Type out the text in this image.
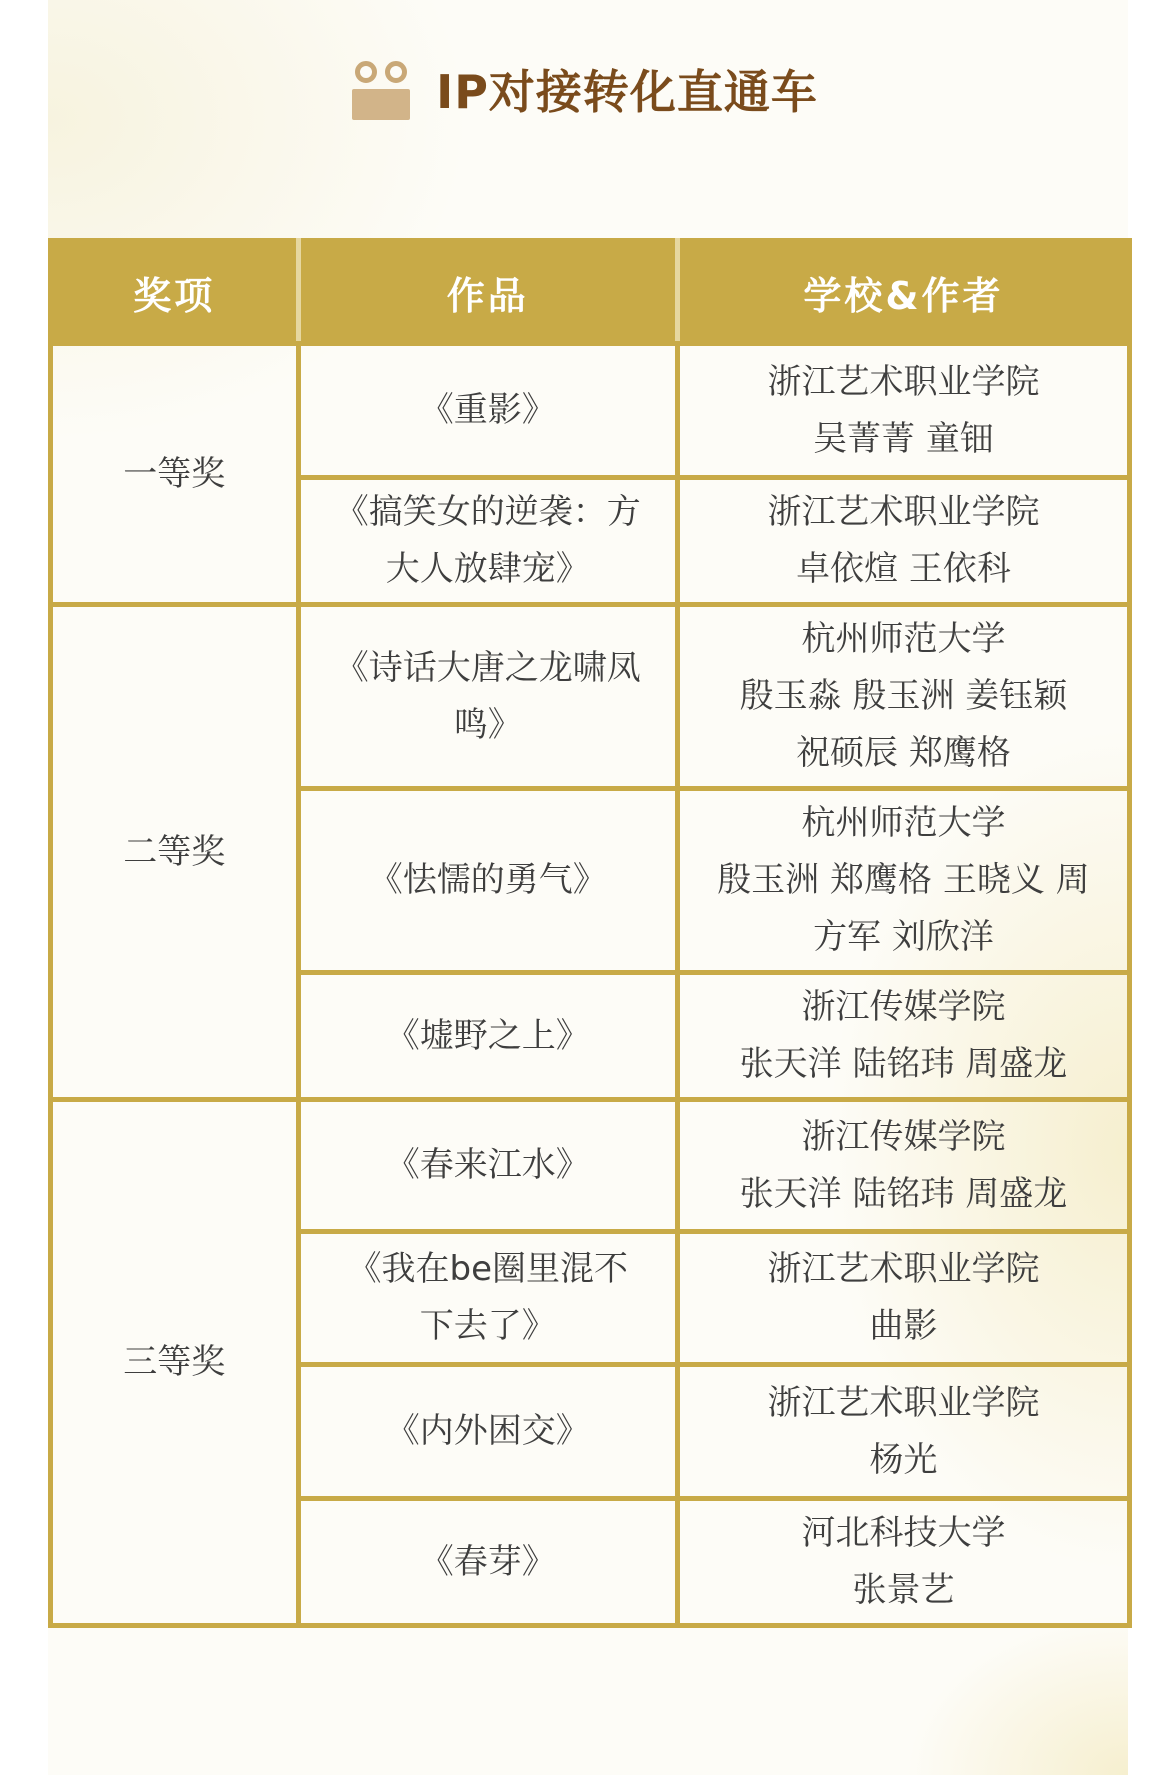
IP对接转化直通车
奖项	作品	学校&作者
一等奖	《重影》	浙江艺术职业学院
吴菁菁 童钿

	《搞笑女的逆袭：方
大人放肆宠》	浙江艺术职业学院
卓依煊 王依科

二等奖	《诗话大唐之龙啸凤
鸣》	杭州师范大学
殷玉淼 殷玉洲 姜钰颖
祝硕辰 郑鹰格

	《怯懦的勇气》	杭州师范大学
殷玉洲 郑鹰格 王晓义 周
方军 刘欣洋

	《墟野之上》	浙江传媒学院
张天洋 陆铭玮 周盛龙

三等奖	《春来江水》	浙江传媒学院
张天洋 陆铭玮 周盛龙

	《我在be圈里混不
下去了》	浙江艺术职业学院
曲影

	《内外困交》	浙江艺术职业学院
杨光

	《春芽》	河北科技大学
张景艺
